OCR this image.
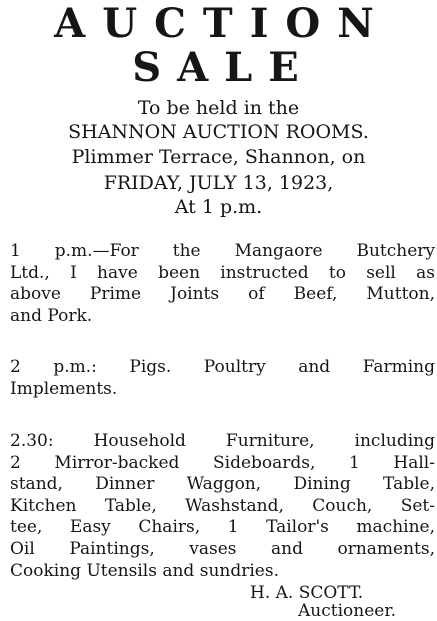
AUCTION
SALE
To be held in the
SHANNON AUCTION ROOMS.
Plimmer Terrace, Shannon, on
FRIDAY, JULY 13, 1923,
At 1 p.m.
1 p.m.—For the Mangaore Butchery
Ltd., I have been instructed to sell as
above Prime Joints of Beef, Mutton,
and Pork.
2 p.m.: Pigs. Poultry and Farming
Implements.
2.30: Household Furniture, including
2 Mirror-backed Sideboards, 1 Hall-
stand, Dinner Waggon, Dining Table,
Kitchen Table, Washstand, Couch, Set-
tee, Easy Chairs, 1 Tailor's machine,
Oil Paintings, vases and ornaments,
Cooking Utensils and sundries.
H. A. SCOTT.
Auctioneer.
